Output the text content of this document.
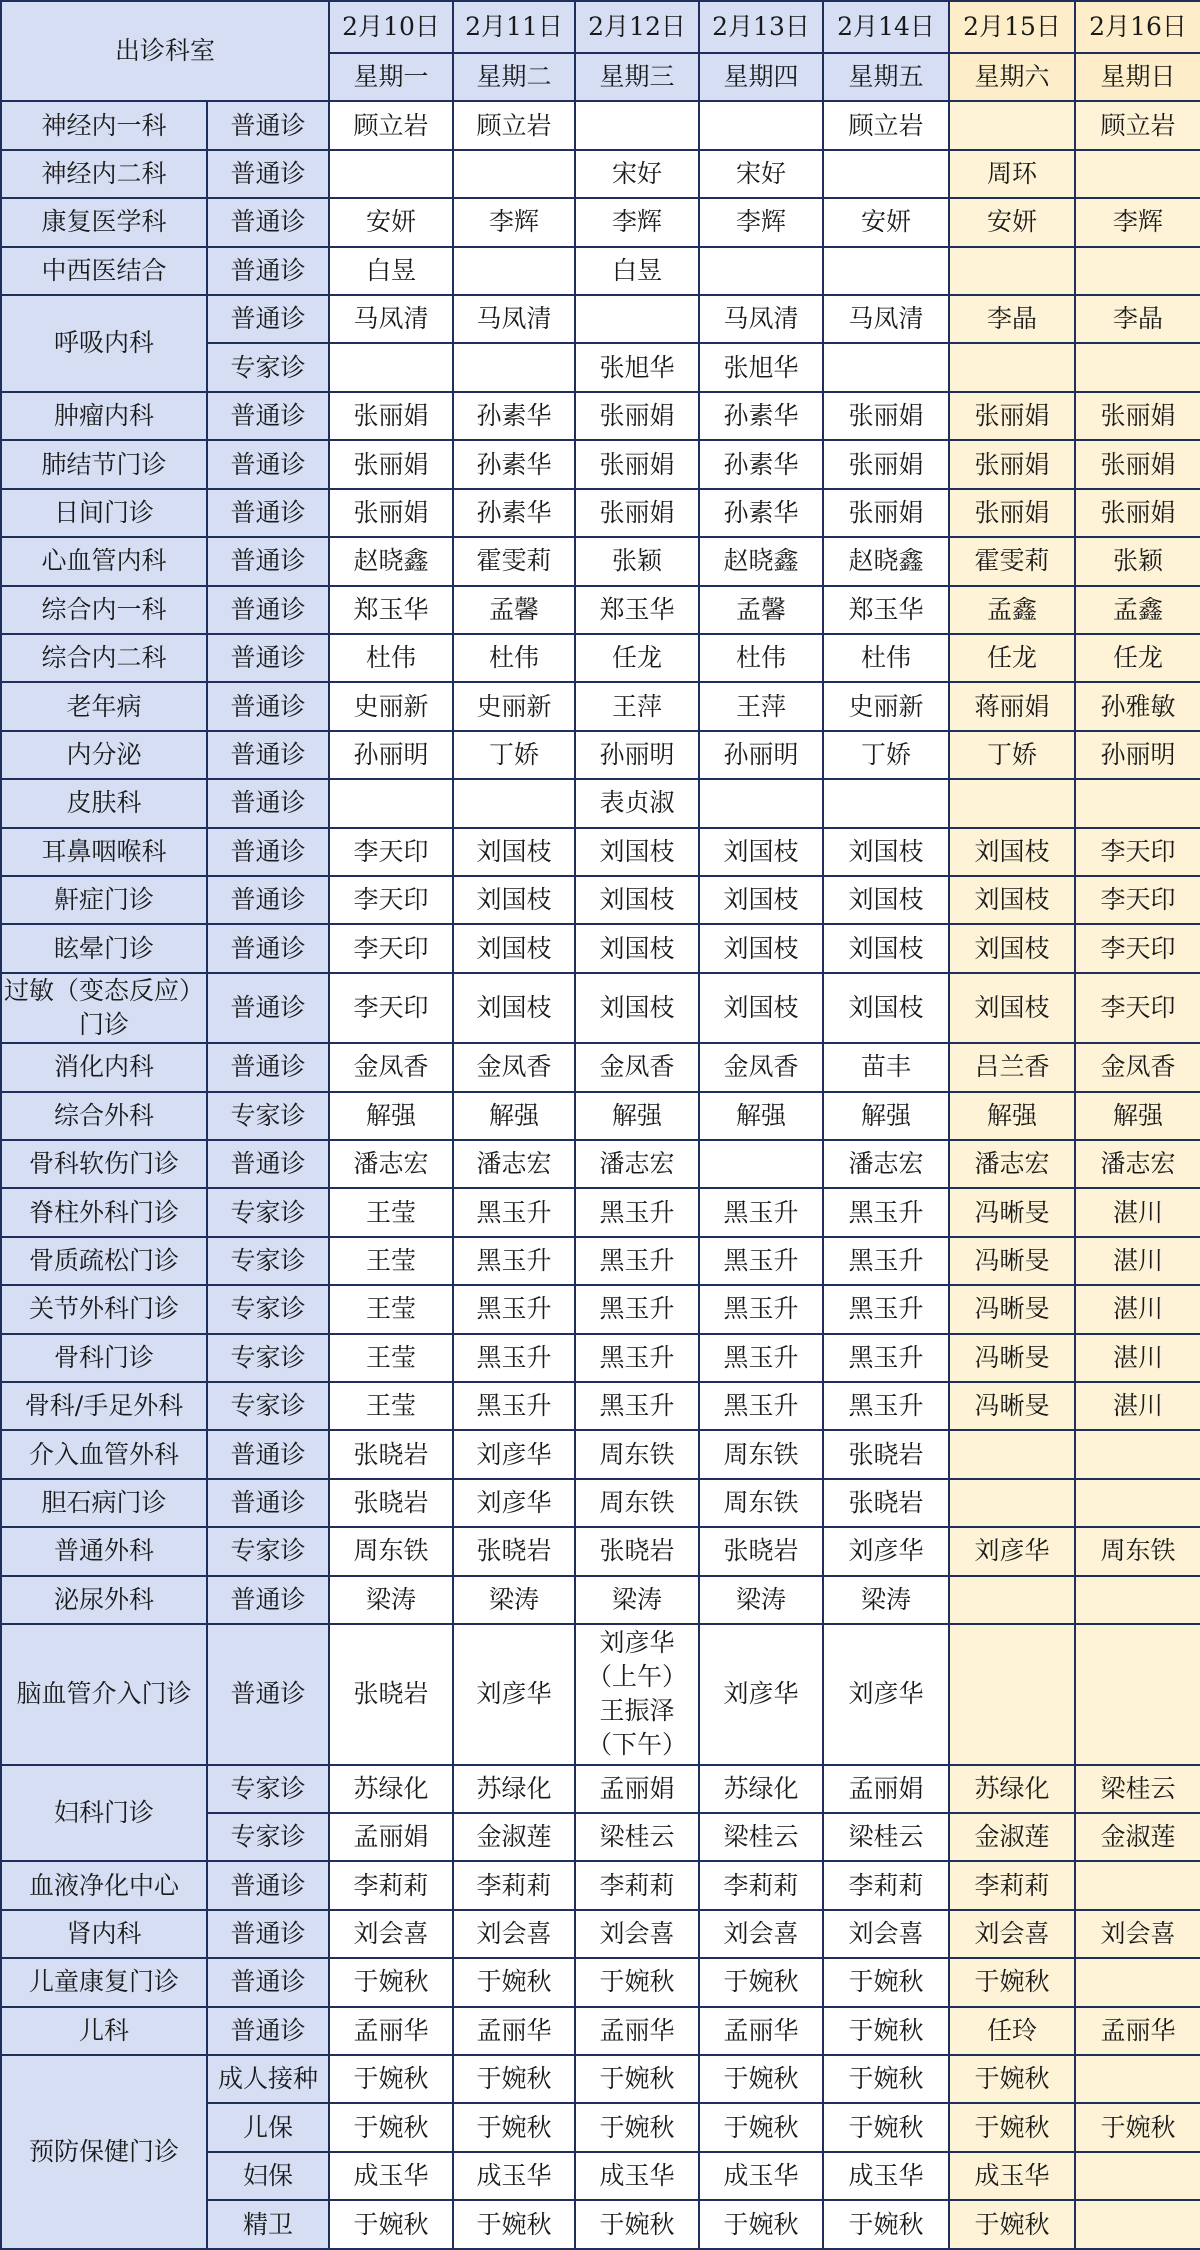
出诊科室		2月10日	2月11日	2月12日	2月13日	2月14日	2月15日	2月16日
		星期一	星期二	星期三	星期四	星期五	星期六	星期日
神经内一科	普通诊	顾立岩	顾立岩			顾立岩		顾立岩
神经内二科	普通诊			宋好	宋好		周环	
康复医学科	普通诊	安妍	李辉	李辉	李辉	安妍	安妍	李辉
中西医结合	普通诊	白昱		白昱				
呼吸内科	普通诊	马凤清	马凤清		马凤清	马凤清	李晶	李晶
	专家诊			张旭华	张旭华			
肿瘤内科	普通诊	张丽娟	孙素华	张丽娟	孙素华	张丽娟	张丽娟	张丽娟
肺结节门诊	普通诊	张丽娟	孙素华	张丽娟	孙素华	张丽娟	张丽娟	张丽娟
日间门诊	普通诊	张丽娟	孙素华	张丽娟	孙素华	张丽娟	张丽娟	张丽娟
心血管内科	普通诊	赵晓鑫	霍雯莉	张颖	赵晓鑫	赵晓鑫	霍雯莉	张颖
综合内一科	普通诊	郑玉华	孟馨	郑玉华	孟馨	郑玉华	孟鑫	孟鑫
综合内二科	普通诊	杜伟	杜伟	任龙	杜伟	杜伟	任龙	任龙
老年病	普通诊	史丽新	史丽新	王萍	王萍	史丽新	蒋丽娟	孙雅敏
内分泌	普通诊	孙丽明	丁娇	孙丽明	孙丽明	丁娇	丁娇	孙丽明
皮肤科	普通诊			表贞淑				
耳鼻咽喉科	普通诊	李天印	刘国枝	刘国枝	刘国枝	刘国枝	刘国枝	李天印
鼾症门诊	普通诊	李天印	刘国枝	刘国枝	刘国枝	刘国枝	刘国枝	李天印
眩晕门诊	普通诊	李天印	刘国枝	刘国枝	刘国枝	刘国枝	刘国枝	李天印
过敏（变态反应）门诊	普通诊	李天印	刘国枝	刘国枝	刘国枝	刘国枝	刘国枝	李天印
消化内科	普通诊	金凤香	金凤香	金凤香	金凤香	苗丰	吕兰香	金凤香
综合外科	专家诊	解强	解强	解强	解强	解强	解强	解强
骨科软伤门诊	普通诊	潘志宏	潘志宏	潘志宏		潘志宏	潘志宏	潘志宏
脊柱外科门诊	专家诊	王莹	黑玉升	黑玉升	黑玉升	黑玉升	冯晰旻	湛川
骨质疏松门诊	专家诊	王莹	黑玉升	黑玉升	黑玉升	黑玉升	冯晰旻	湛川
关节外科门诊	专家诊	王莹	黑玉升	黑玉升	黑玉升	黑玉升	冯晰旻	湛川
骨科门诊	专家诊	王莹	黑玉升	黑玉升	黑玉升	黑玉升	冯晰旻	湛川
骨科/手足外科	专家诊	王莹	黑玉升	黑玉升	黑玉升	黑玉升	冯晰旻	湛川
介入血管外科	普通诊	张晓岩	刘彦华	周东铁	周东铁	张晓岩		
胆石病门诊	普通诊	张晓岩	刘彦华	周东铁	周东铁	张晓岩		
普通外科	专家诊	周东铁	张晓岩	张晓岩	张晓岩	刘彦华	刘彦华	周东铁
泌尿外科	普通诊	梁涛	梁涛	梁涛	梁涛	梁涛		
脑血管介入门诊	普通诊	张晓岩	刘彦华	刘彦华（上午）王振泽（下午）	刘彦华	刘彦华		
妇科门诊	专家诊	苏绿化	苏绿化	孟丽娟	苏绿化	孟丽娟	苏绿化	梁桂云
	专家诊	孟丽娟	金淑莲	梁桂云	梁桂云	梁桂云	金淑莲	金淑莲
血液净化中心	普通诊	李莉莉	李莉莉	李莉莉	李莉莉	李莉莉	李莉莉	
肾内科	普通诊	刘会喜	刘会喜	刘会喜	刘会喜	刘会喜	刘会喜	刘会喜
儿童康复门诊	普通诊	于婉秋	于婉秋	于婉秋	于婉秋	于婉秋	于婉秋	
儿科	普通诊	孟丽华	孟丽华	孟丽华	孟丽华	于婉秋	任玲	孟丽华
预防保健门诊	成人接种	于婉秋	于婉秋	于婉秋	于婉秋	于婉秋	于婉秋	
	儿保	于婉秋	于婉秋	于婉秋	于婉秋	于婉秋	于婉秋	于婉秋
	妇保	成玉华	成玉华	成玉华	成玉华	成玉华	成玉华	
	精卫	于婉秋	于婉秋	于婉秋	于婉秋	于婉秋	于婉秋	
